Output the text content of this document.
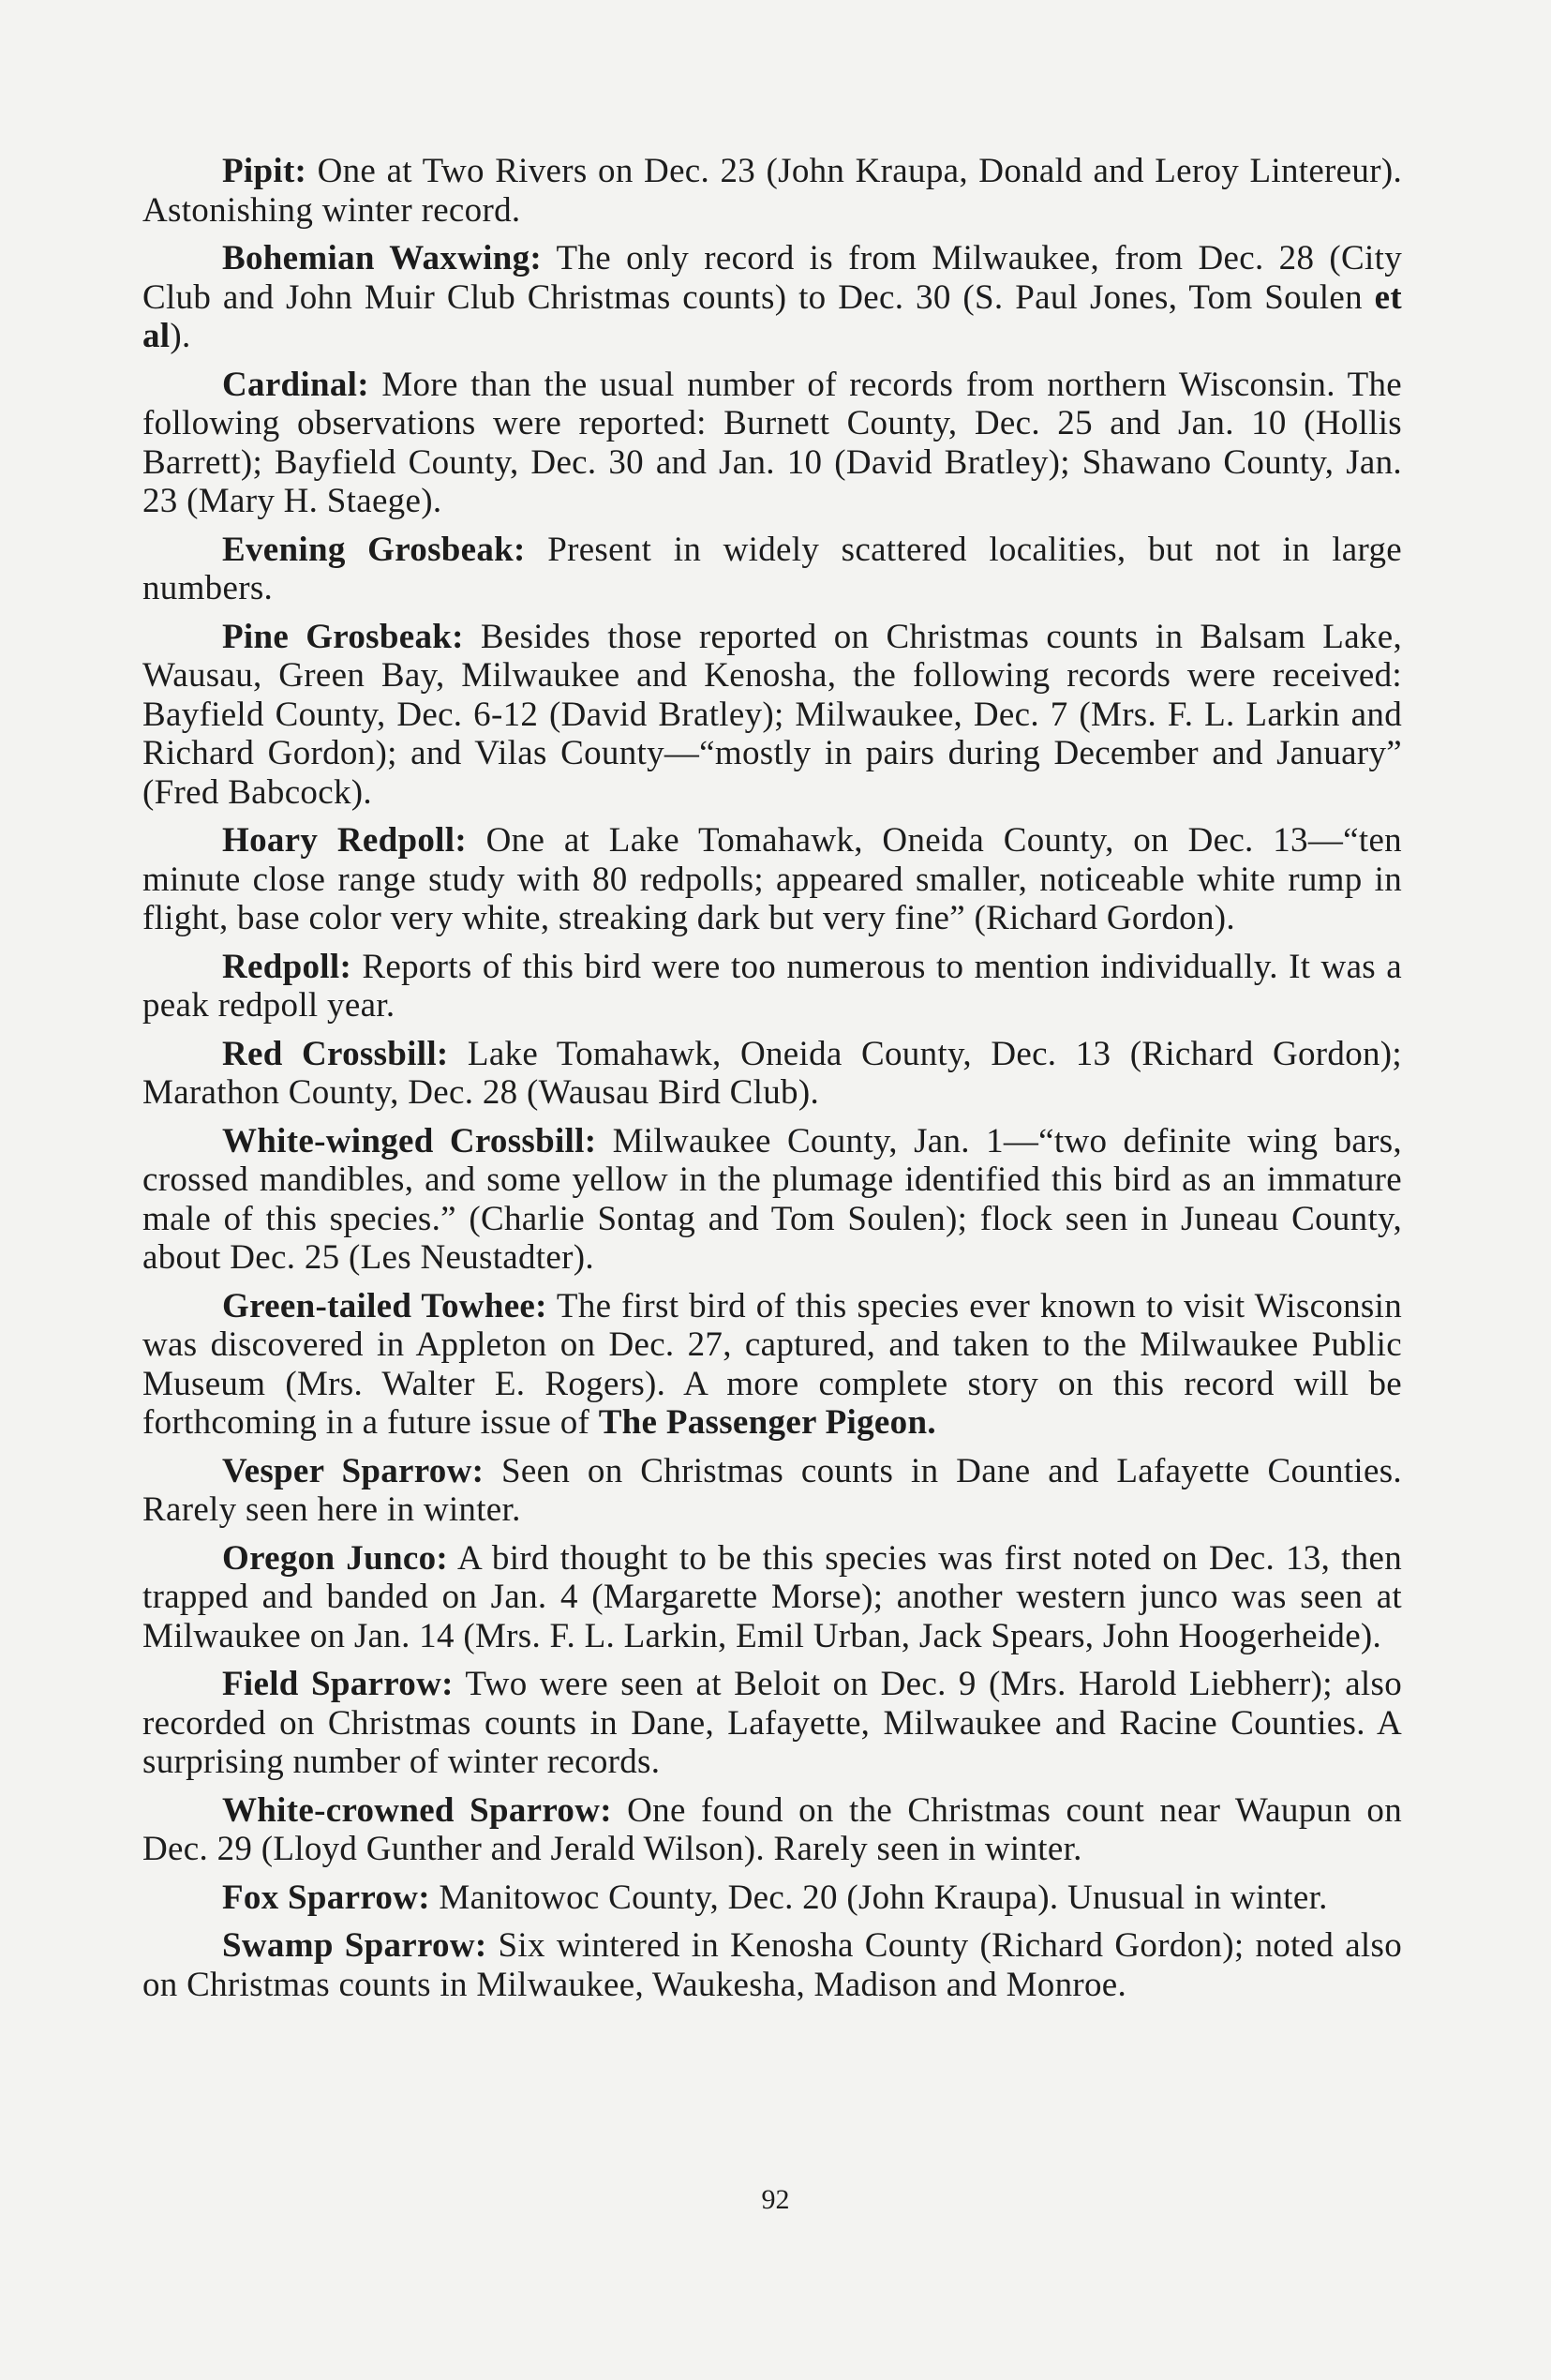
Pipit: One at Two Rivers on Dec. 23 (John Kraupa, Donald and Leroy Lintereur). Astonishing winter record.

Bohemian Waxwing: The only record is from Milwaukee, from Dec. 28 (City Club and John Muir Club Christmas counts) to Dec. 30 (S. Paul Jones, Tom Soulen et al).

Cardinal: More than the usual number of records from northern Wisconsin. The following observations were reported: Burnett County, Dec. 25 and Jan. 10 (Hollis Barrett); Bayfield County, Dec. 30 and Jan. 10 (David Bratley); Shawano County, Jan. 23 (Mary H. Staege).

Evening Grosbeak: Present in widely scattered localities, but not in large numbers.

Pine Grosbeak: Besides those reported on Christmas counts in Balsam Lake, Wausau, Green Bay, Milwaukee and Kenosha, the following records were received: Bayfield County, Dec. 6-12 (David Bratley); Milwaukee, Dec. 7 (Mrs. F. L. Larkin and Richard Gordon); and Vilas County—“mostly in pairs during December and January” (Fred Babcock).

Hoary Redpoll: One at Lake Tomahawk, Oneida County, on Dec. 13—“ten minute close range study with 80 redpolls; appeared smaller, noticeable white rump in flight, base color very white, streaking dark but very fine” (Richard Gordon).

Redpoll: Reports of this bird were too numerous to mention individually. It was a peak redpoll year.

Red Crossbill: Lake Tomahawk, Oneida County, Dec. 13 (Richard Gordon); Marathon County, Dec. 28 (Wausau Bird Club).

White-winged Crossbill: Milwaukee County, Jan. 1—“two definite wing bars, crossed mandibles, and some yellow in the plumage identified this bird as an immature male of this species.” (Charlie Sontag and Tom Soulen); flock seen in Juneau County, about Dec. 25 (Les Neustadter).

Green-tailed Towhee: The first bird of this species ever known to visit Wisconsin was discovered in Appleton on Dec. 27, captured, and taken to the Milwaukee Public Museum (Mrs. Walter E. Rogers). A more complete story on this record will be forthcoming in a future issue of The Passenger Pigeon.

Vesper Sparrow: Seen on Christmas counts in Dane and Lafayette Counties. Rarely seen here in winter.

Oregon Junco: A bird thought to be this species was first noted on Dec. 13, then trapped and banded on Jan. 4 (Margarette Morse); another western junco was seen at Milwaukee on Jan. 14 (Mrs. F. L. Larkin, Emil Urban, Jack Spears, John Hoogerheide).

Field Sparrow: Two were seen at Beloit on Dec. 9 (Mrs. Harold Liebherr); also recorded on Christmas counts in Dane, Lafayette, Milwaukee and Racine Counties. A surprising number of winter records.

White-crowned Sparrow: One found on the Christmas count near Waupun on Dec. 29 (Lloyd Gunther and Jerald Wilson). Rarely seen in winter.

Fox Sparrow: Manitowoc County, Dec. 20 (John Kraupa). Unusual in winter.

Swamp Sparrow: Six wintered in Kenosha County (Richard Gordon); noted also on Christmas counts in Milwaukee, Waukesha, Madison and Monroe.

92
